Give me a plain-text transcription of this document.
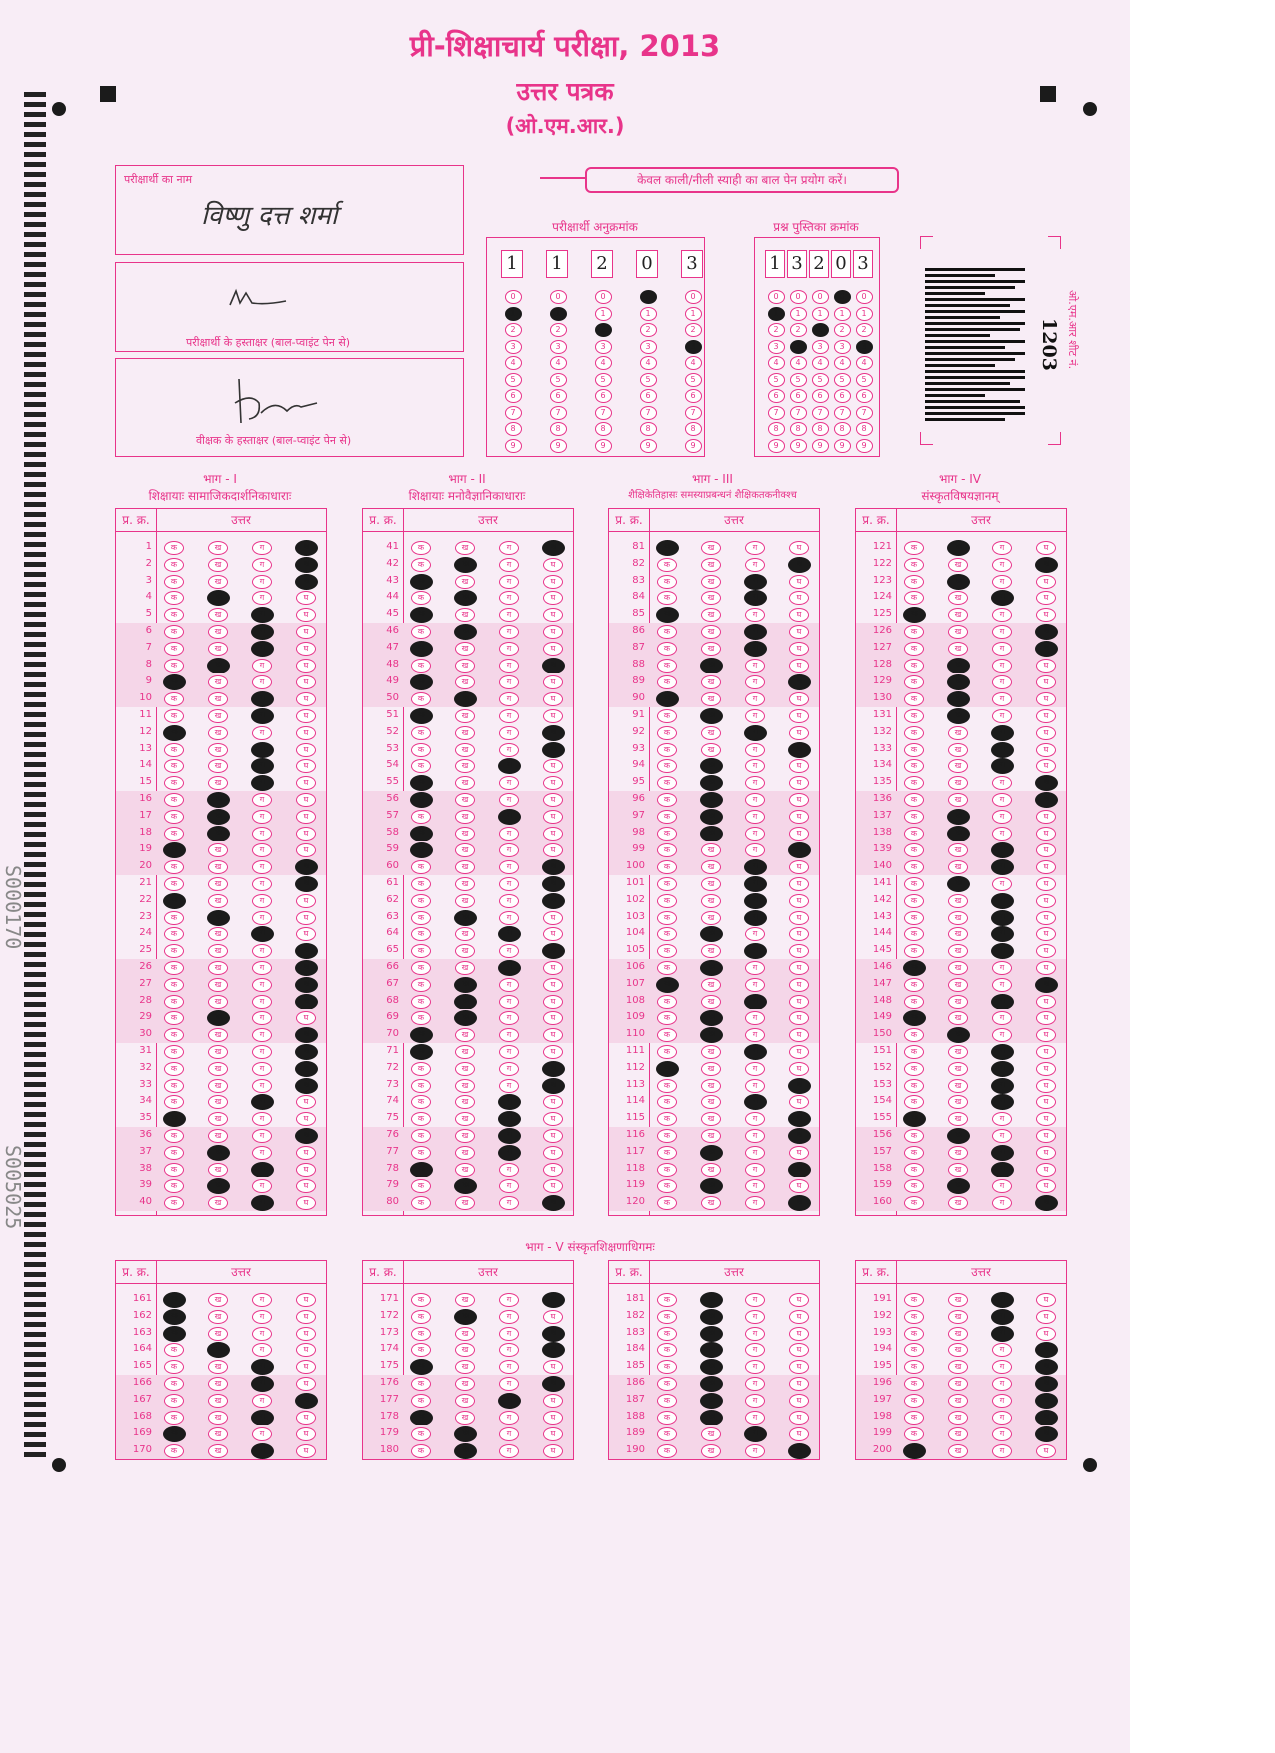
प्री-शिक्षाचार्य परीक्षा, 2013
उत्तर पत्रक
(ओ.एम.आर.)
S000170
S005025
परीक्षार्थी का नाम
विष्णु दत्त शर्मा
परीक्षार्थी के हस्ताक्षर (बाल-प्वाइंट पेन से)
वीक्षक के हस्ताक्षर (बाल-प्वाइंट पेन से)
केवल काली/नीली स्याही का बाल पेन प्रयोग करें।
परीक्षार्थी अनुक्रमांक
1
0
1
2
3
4
5
6
7
8
9
1
0
1
2
3
4
5
6
7
8
9
2
0
1
2
3
4
5
6
7
8
9
0
0
1
2
3
4
5
6
7
8
9
3
0
1
2
3
4
5
6
7
8
9
प्रश्न पुस्तिका क्रमांक
1
0
1
2
3
4
5
6
7
8
9
3
0
1
2
3
4
5
6
7
8
9
2
0
1
2
3
4
5
6
7
8
9
0
0
1
2
3
4
5
6
7
8
9
3
0
1
2
3
4
5
6
7
8
9
1203 ओ.एम.आर शीट नं.
भाग - I
शिक्षायाः सामाजिकदार्शनिकाधाराः
भाग - II
शिक्षायाः मनोवैज्ञानिकाधाराः
भाग - III
शैक्षिकेतिहासः समस्याप्रबन्धनं शैक्षिकतकनीक्श्च
भाग - IV
संस्कृतविषयज्ञानम्
प्र. क्र.	उत्तर
1	क	ख	ग	घ
2	क	ख	ग	घ
3	क	ख	ग	घ
4	क	ख	ग	घ
5	क	ख	ग	घ
6	क	ख	ग	घ
7	क	ख	ग	घ
8	क	ख	ग	घ
9	क	ख	ग	घ
10	क	ख	ग	घ
11	क	ख	ग	घ
12	क	ख	ग	घ
13	क	ख	ग	घ
14	क	ख	ग	घ
15	क	ख	ग	घ
16	क	ख	ग	घ
17	क	ख	ग	घ
18	क	ख	ग	घ
19	क	ख	ग	घ
20	क	ख	ग	घ
21	क	ख	ग	घ
22	क	ख	ग	घ
23	क	ख	ग	घ
24	क	ख	ग	घ
25	क	ख	ग	घ
26	क	ख	ग	घ
27	क	ख	ग	घ
28	क	ख	ग	घ
29	क	ख	ग	घ
30	क	ख	ग	घ
31	क	ख	ग	घ
32	क	ख	ग	घ
33	क	ख	ग	घ
34	क	ख	ग	घ
35	क	ख	ग	घ
36	क	ख	ग	घ
37	क	ख	ग	घ
38	क	ख	ग	घ
39	क	ख	ग	घ
40	क	ख	ग	घ
प्र. क्र.	उत्तर
41	क	ख	ग	घ
42	क	ख	ग	घ
43	क	ख	ग	घ
44	क	ख	ग	घ
45	क	ख	ग	घ
46	क	ख	ग	घ
47	क	ख	ग	घ
48	क	ख	ग	घ
49	क	ख	ग	घ
50	क	ख	ग	घ
51	क	ख	ग	घ
52	क	ख	ग	घ
53	क	ख	ग	घ
54	क	ख	ग	घ
55	क	ख	ग	घ
56	क	ख	ग	घ
57	क	ख	ग	घ
58	क	ख	ग	घ
59	क	ख	ग	घ
60	क	ख	ग	घ
61	क	ख	ग	घ
62	क	ख	ग	घ
63	क	ख	ग	घ
64	क	ख	ग	घ
65	क	ख	ग	घ
66	क	ख	ग	घ
67	क	ख	ग	घ
68	क	ख	ग	घ
69	क	ख	ग	घ
70	क	ख	ग	घ
71	क	ख	ग	घ
72	क	ख	ग	घ
73	क	ख	ग	घ
74	क	ख	ग	घ
75	क	ख	ग	घ
76	क	ख	ग	घ
77	क	ख	ग	घ
78	क	ख	ग	घ
79	क	ख	ग	घ
80	क	ख	ग	घ
प्र. क्र.	उत्तर
81	क	ख	ग	घ
82	क	ख	ग	घ
83	क	ख	ग	घ
84	क	ख	ग	घ
85	क	ख	ग	घ
86	क	ख	ग	घ
87	क	ख	ग	घ
88	क	ख	ग	घ
89	क	ख	ग	घ
90	क	ख	ग	घ
91	क	ख	ग	घ
92	क	ख	ग	घ
93	क	ख	ग	घ
94	क	ख	ग	घ
95	क	ख	ग	घ
96	क	ख	ग	घ
97	क	ख	ग	घ
98	क	ख	ग	घ
99	क	ख	ग	घ
100	क	ख	ग	घ
101	क	ख	ग	घ
102	क	ख	ग	घ
103	क	ख	ग	घ
104	क	ख	ग	घ
105	क	ख	ग	घ
106	क	ख	ग	घ
107	क	ख	ग	घ
108	क	ख	ग	घ
109	क	ख	ग	घ
110	क	ख	ग	घ
111	क	ख	ग	घ
112	क	ख	ग	घ
113	क	ख	ग	घ
114	क	ख	ग	घ
115	क	ख	ग	घ
116	क	ख	ग	घ
117	क	ख	ग	घ
118	क	ख	ग	घ
119	क	ख	ग	घ
120	क	ख	ग	घ
प्र. क्र.	उत्तर
121	क	ख	ग	घ
122	क	ख	ग	घ
123	क	ख	ग	घ
124	क	ख	ग	घ
125	क	ख	ग	घ
126	क	ख	ग	घ
127	क	ख	ग	घ
128	क	ख	ग	घ
129	क	ख	ग	घ
130	क	ख	ग	घ
131	क	ख	ग	घ
132	क	ख	ग	घ
133	क	ख	ग	घ
134	क	ख	ग	घ
135	क	ख	ग	घ
136	क	ख	ग	घ
137	क	ख	ग	घ
138	क	ख	ग	घ
139	क	ख	ग	घ
140	क	ख	ग	घ
141	क	ख	ग	घ
142	क	ख	ग	घ
143	क	ख	ग	घ
144	क	ख	ग	घ
145	क	ख	ग	घ
146	क	ख	ग	घ
147	क	ख	ग	घ
148	क	ख	ग	घ
149	क	ख	ग	घ
150	क	ख	ग	घ
151	क	ख	ग	घ
152	क	ख	ग	घ
153	क	ख	ग	घ
154	क	ख	ग	घ
155	क	ख	ग	घ
156	क	ख	ग	घ
157	क	ख	ग	घ
158	क	ख	ग	घ
159	क	ख	ग	घ
160	क	ख	ग	घ
भाग - V संस्कृतशिक्षणाधिगमः
प्र. क्र.	उत्तर
161	क	ख	ग	घ
162	क	ख	ग	घ
163	क	ख	ग	घ
164	क	ख	ग	घ
165	क	ख	ग	घ
166	क	ख	ग	घ
167	क	ख	ग	घ
168	क	ख	ग	घ
169	क	ख	ग	घ
170	क	ख	ग	घ
प्र. क्र.	उत्तर
171	क	ख	ग	घ
172	क	ख	ग	घ
173	क	ख	ग	घ
174	क	ख	ग	घ
175	क	ख	ग	घ
176	क	ख	ग	घ
177	क	ख	ग	घ
178	क	ख	ग	घ
179	क	ख	ग	घ
180	क	ख	ग	घ
प्र. क्र.	उत्तर
181	क	ख	ग	घ
182	क	ख	ग	घ
183	क	ख	ग	घ
184	क	ख	ग	घ
185	क	ख	ग	घ
186	क	ख	ग	घ
187	क	ख	ग	घ
188	क	ख	ग	घ
189	क	ख	ग	घ
190	क	ख	ग	घ
प्र. क्र.	उत्तर
191	क	ख	ग	घ
192	क	ख	ग	घ
193	क	ख	ग	घ
194	क	ख	ग	घ
195	क	ख	ग	घ
196	क	ख	ग	घ
197	क	ख	ग	घ
198	क	ख	ग	घ
199	क	ख	ग	घ
200	क	ख	ग	घ
